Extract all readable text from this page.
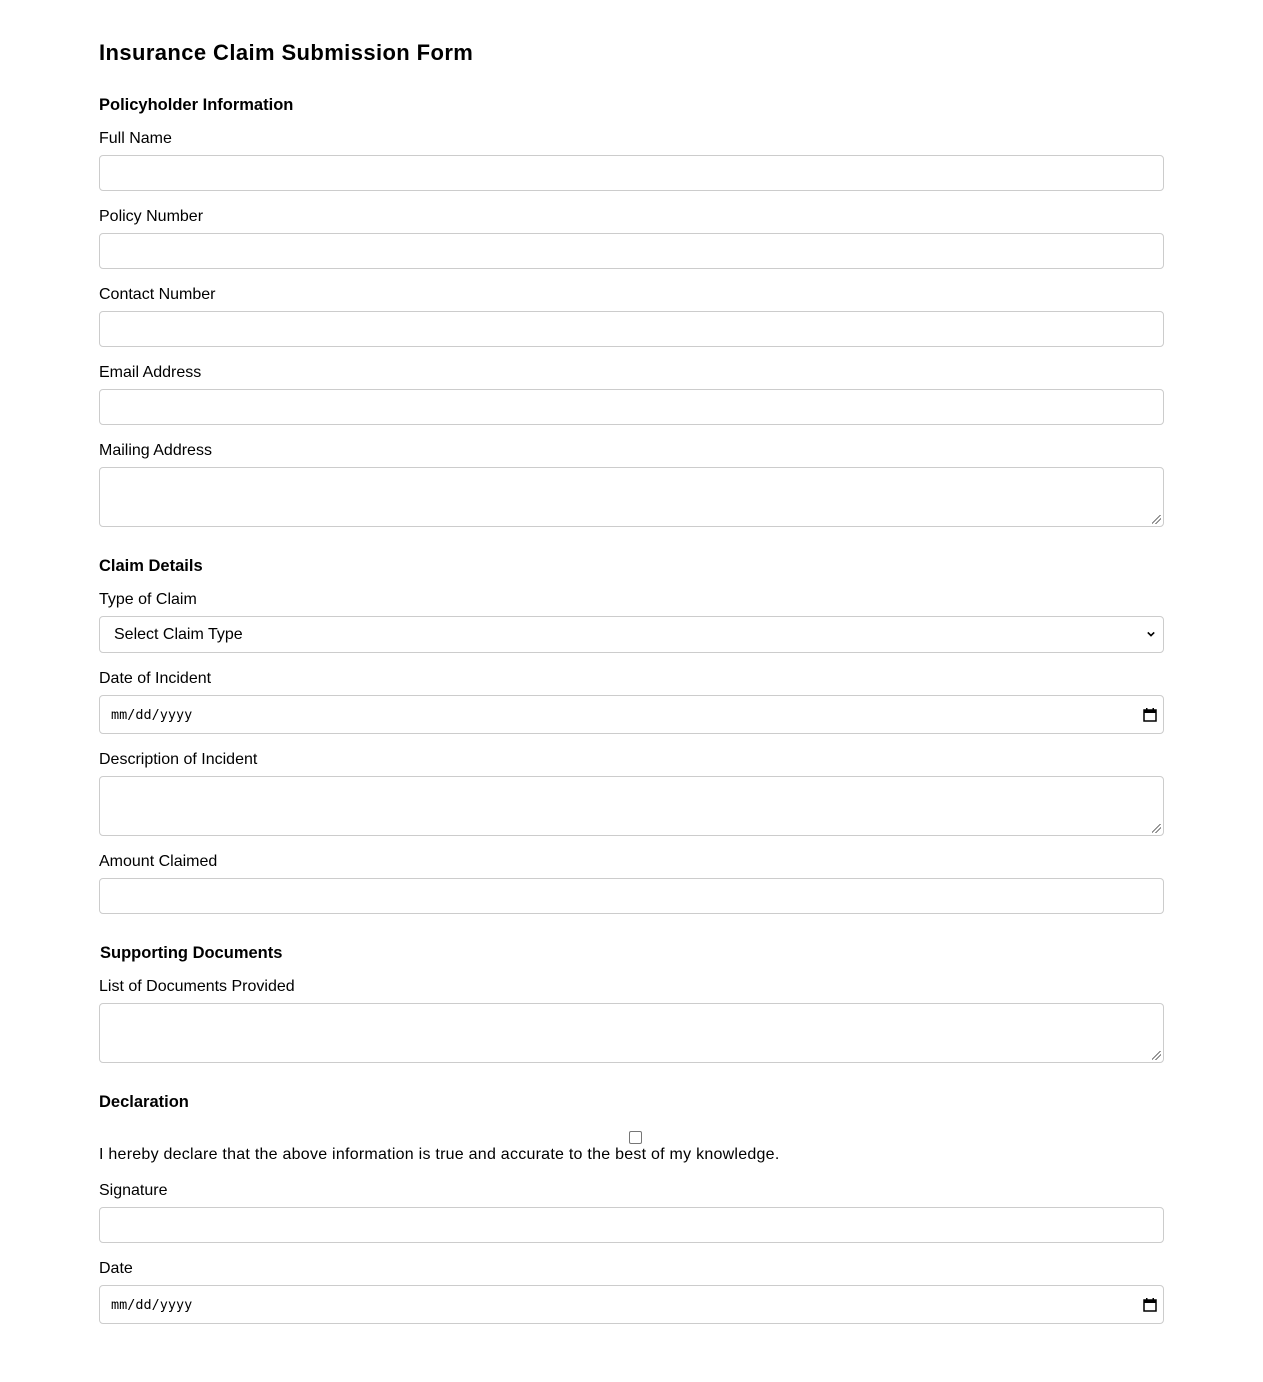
Insurance Claim Submission Form
Policyholder Information
Full Name
Policy Number
Contact Number
Email Address
Mailing Address
Claim Details
Type of Claim
Select Claim Type
Date of Incident
mm/dd/yyyy
Description of Incident
Amount Claimed
Supporting Documents
List of Documents Provided
Declaration
I hereby declare that the above information is true and accurate to the best of my knowledge.
Signature
Date
mm/dd/yyyy
